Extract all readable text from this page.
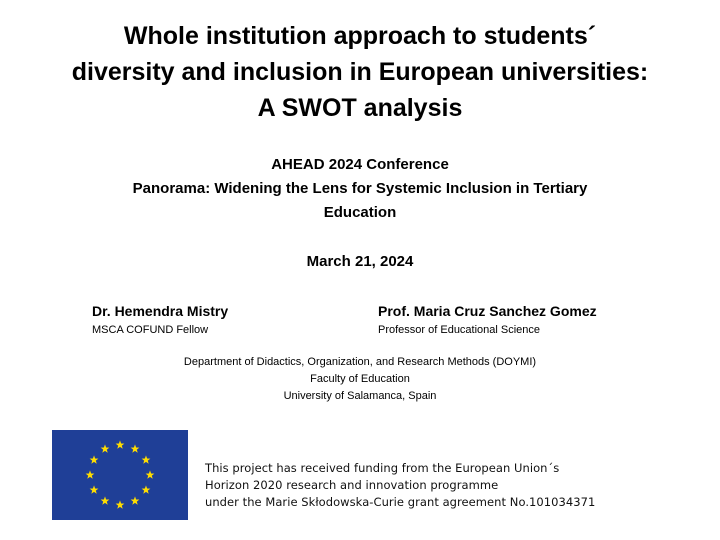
Whole institution approach to students´
diversity and inclusion in European universities:
A SWOT analysis
AHEAD 2024 Conference
Panorama: Widening the Lens for Systemic Inclusion in Tertiary
Education
March 21, 2024
Dr. Hemendra Mistry
MSCA COFUND Fellow
Prof. Maria Cruz Sanchez Gomez
Professor of Educational Science
Department of Didactics, Organization, and Research Methods (DOYMI)
Faculty of Education
University of Salamanca, Spain
This project has received funding from the European Union´s
Horizon 2020 research and innovation programme
under the Marie Skłodowska-Curie grant agreement No.101034371
